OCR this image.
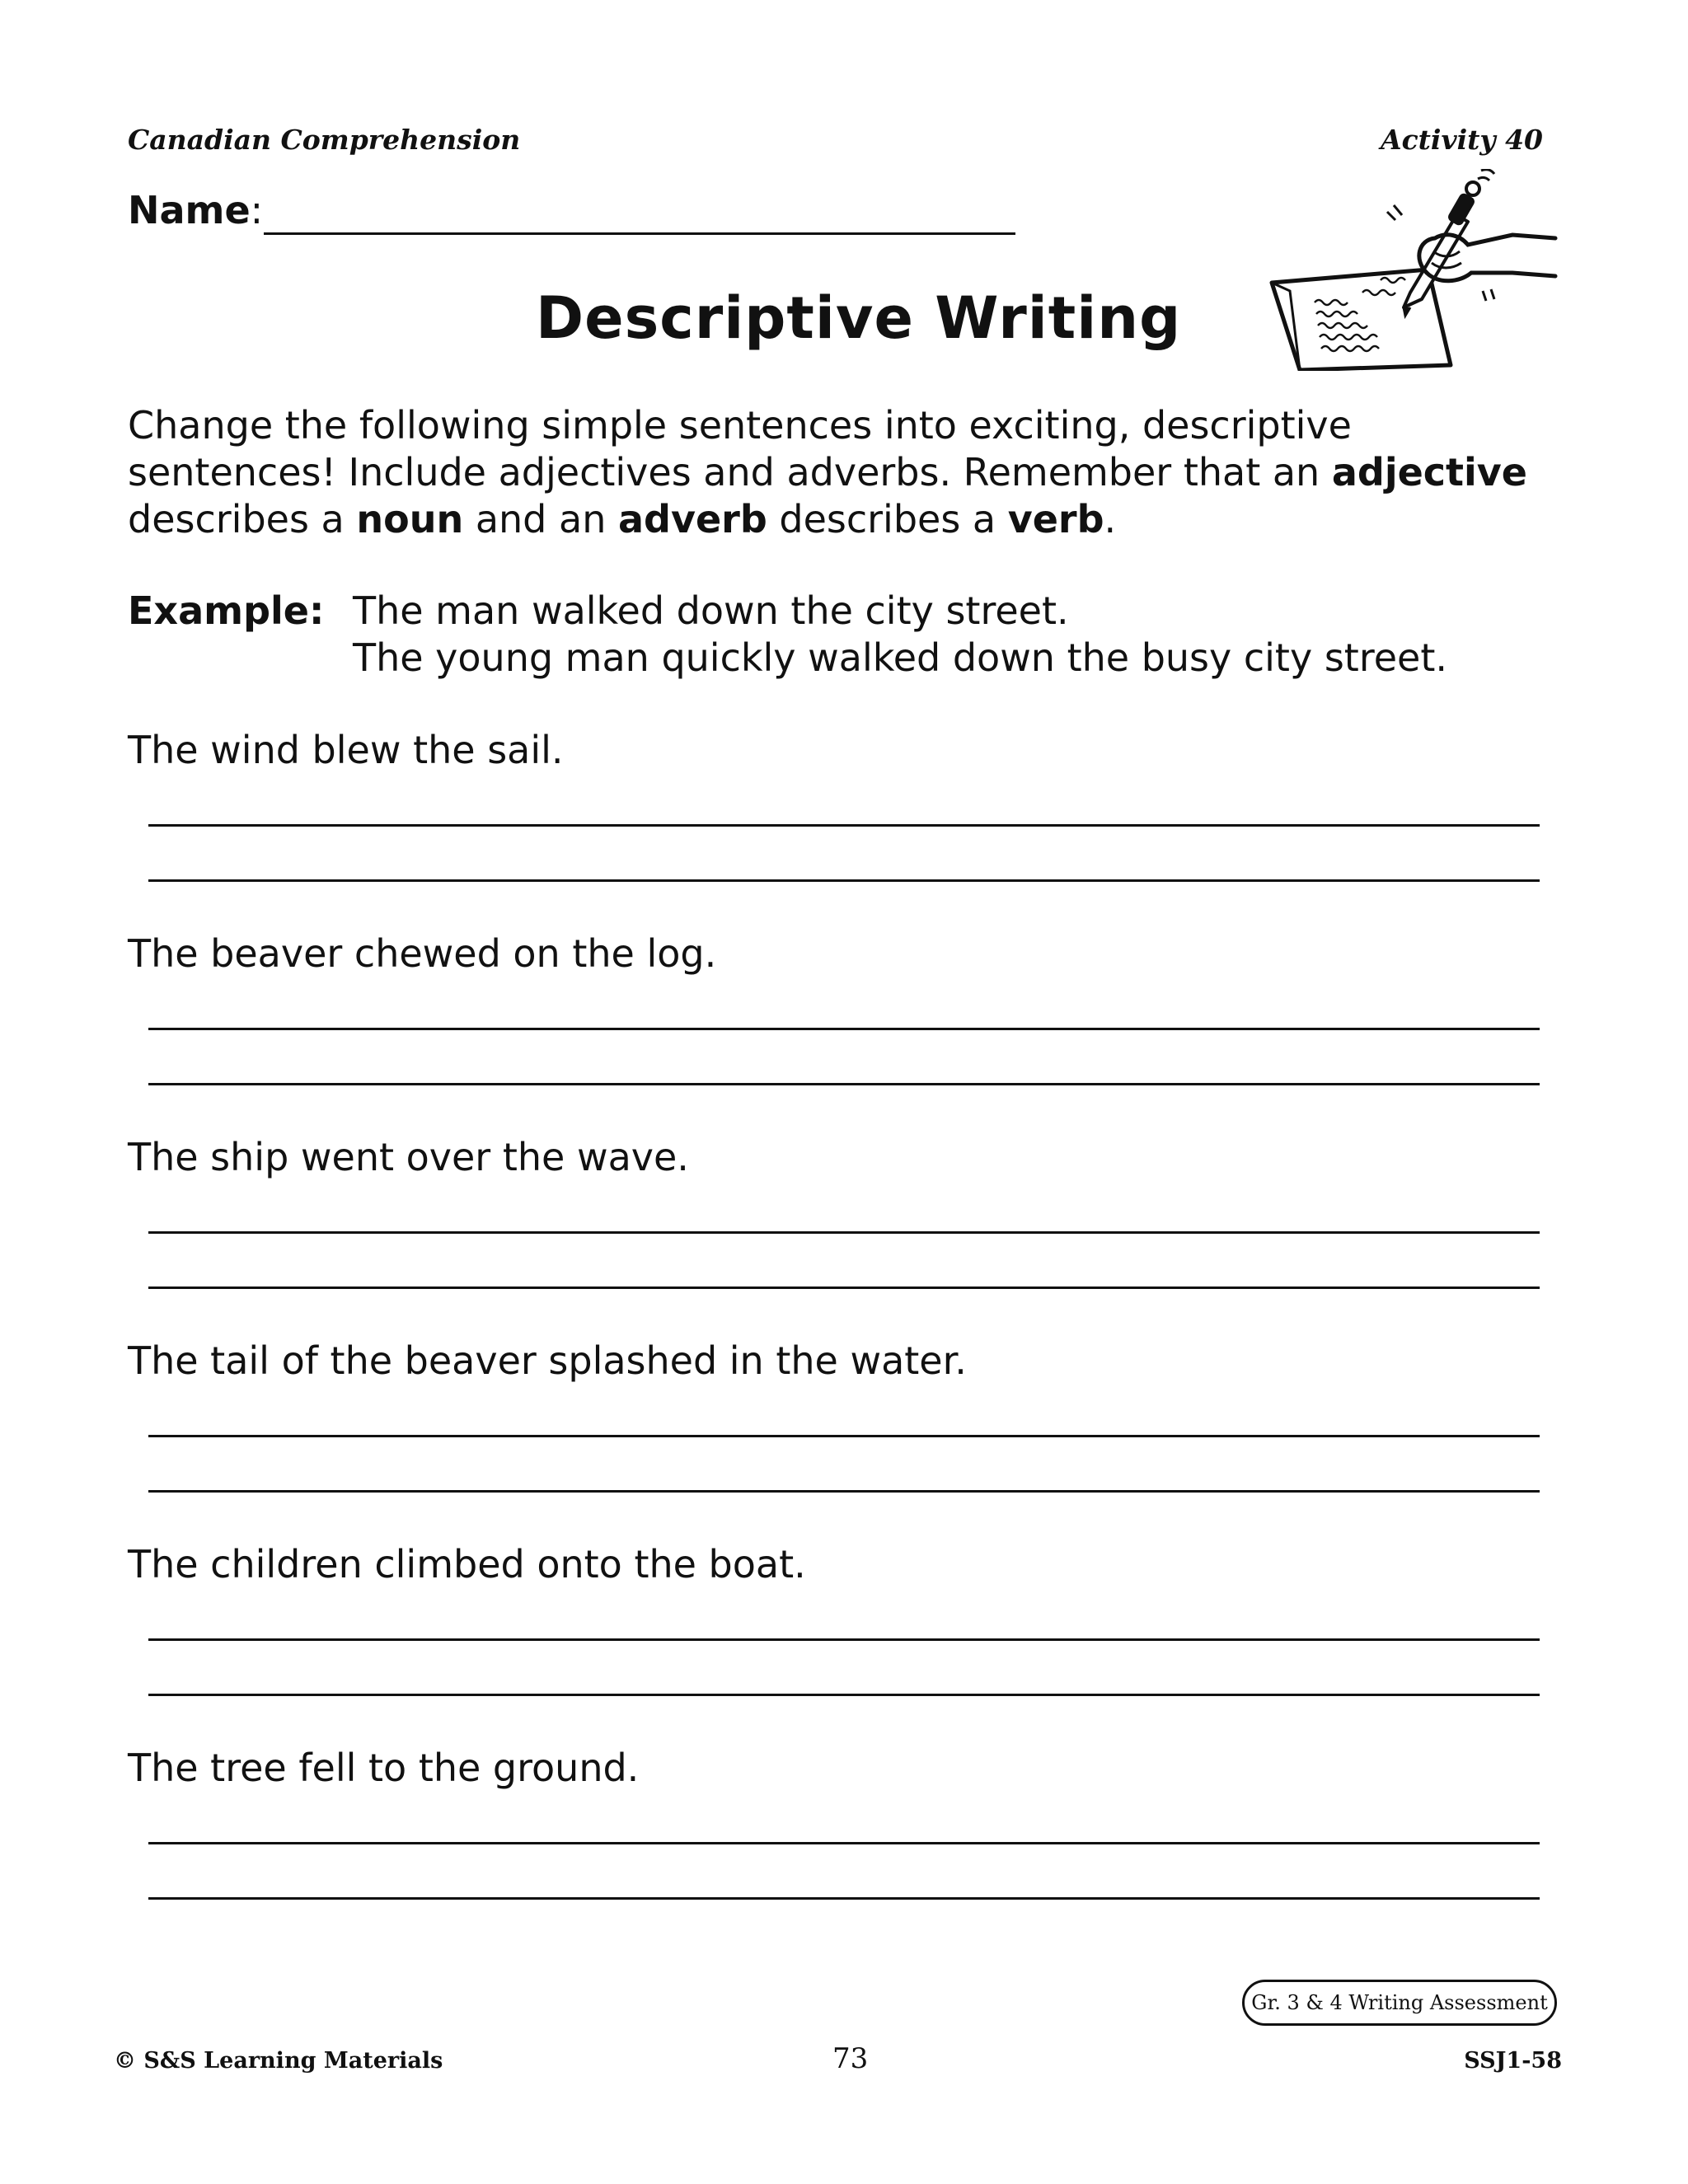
Canadian Comprehension	Activity 40
Name:
Descriptive Writing
Change the following simple sentences into exciting, descriptive sentences! Include adjectives and adverbs. Remember that an adjective describes a noun and an adverb describes a verb.
Example: The man walked down the city street.
The young man quickly walked down the busy city street.
The wind blew the sail.
The beaver chewed on the log.
The ship went over the wave.
The tail of the beaver splashed in the water.
The children climbed onto the boat.
The tree fell to the ground.
Gr. 3 & 4 Writing Assessment
© S&S Learning Materials	73	SSJ1-58
